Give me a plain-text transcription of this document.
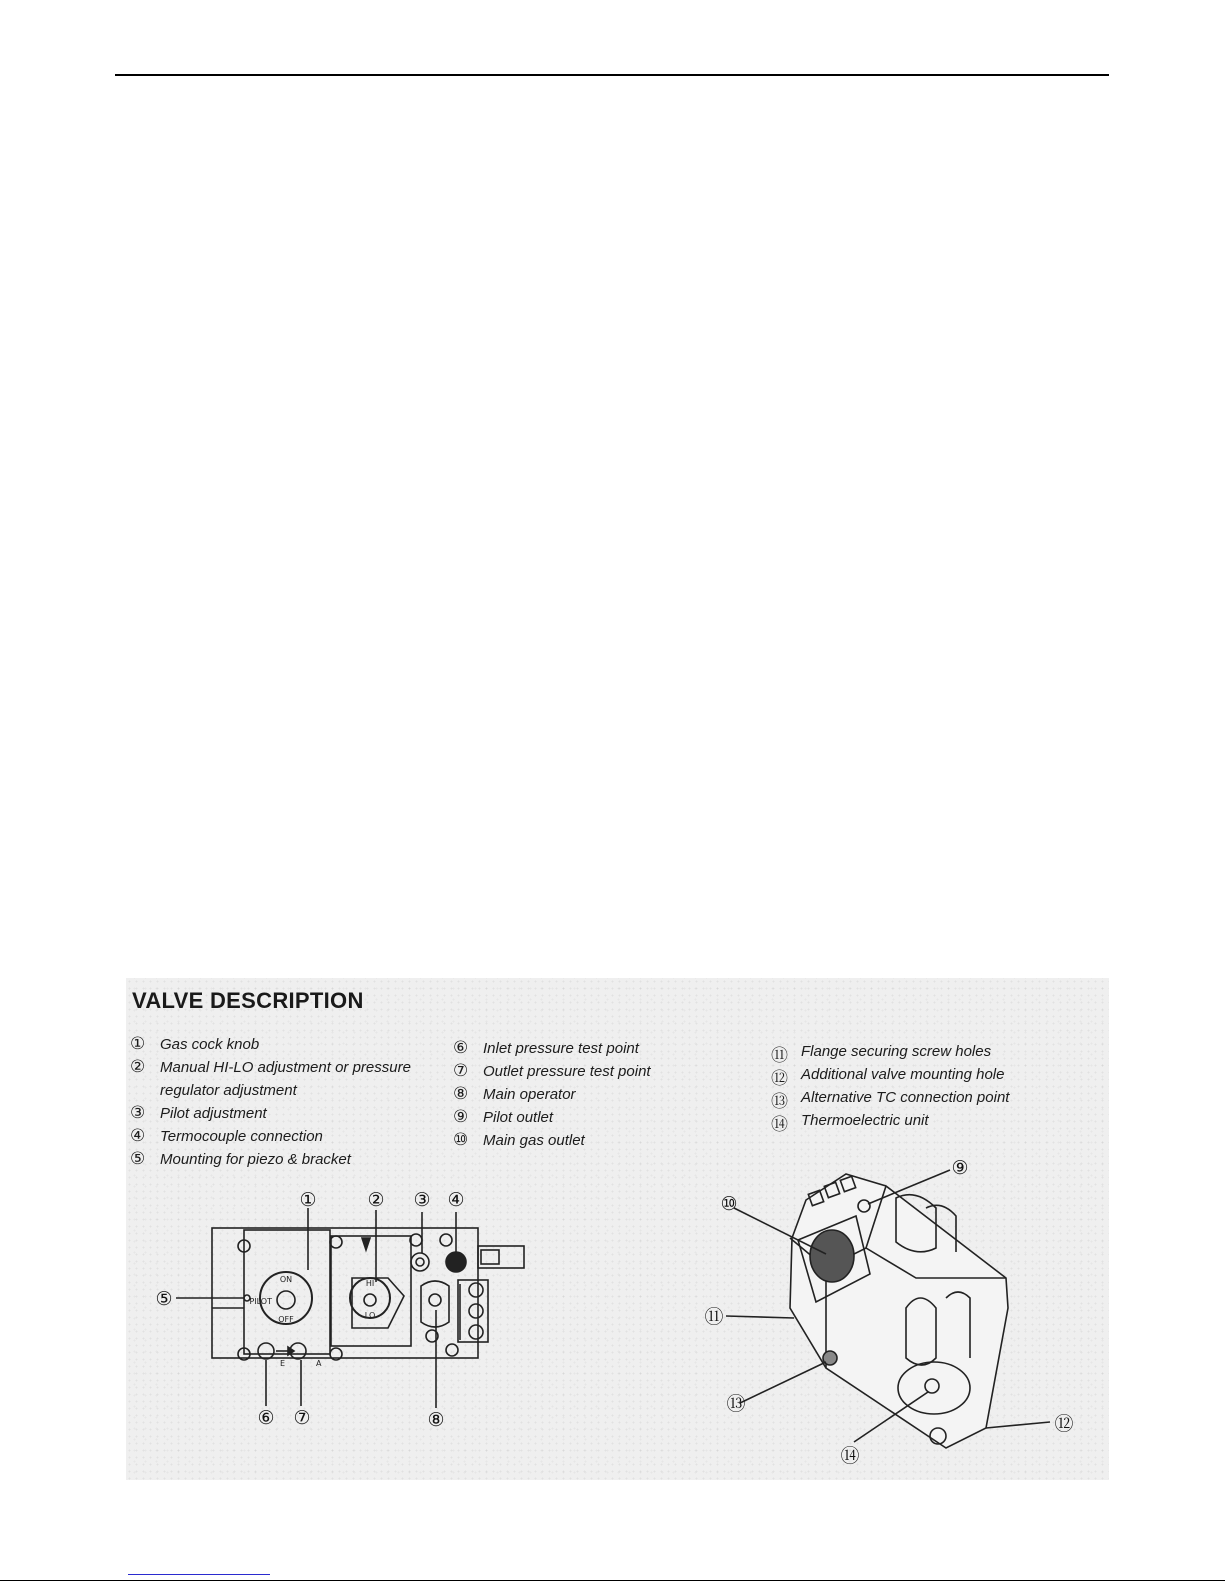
VALVE DESCRIPTION
① Gas cock knob
② Manual HI-LO adjustment or pressure
regulator adjustment
③ Pilot adjustment
④ Termocouple connection
⑤ Mounting for piezo & bracket
⑥ Inlet pressure test point
⑦ Outlet pressure test point
⑧ Main operator
⑨ Pilot outlet
⑩ Main gas outlet
⑪ Flange securing screw holes
⑫ Additional valve mounting hole
⑬ Alternative TC connection point
⑭ Thermoelectric unit
ON
OFF
PILOT
HI
LO
E	A
①	② ③ ④
⑤
⑥ ⑦	⑧
⑨
⑩
⑪
⑫
⑬
⑭
